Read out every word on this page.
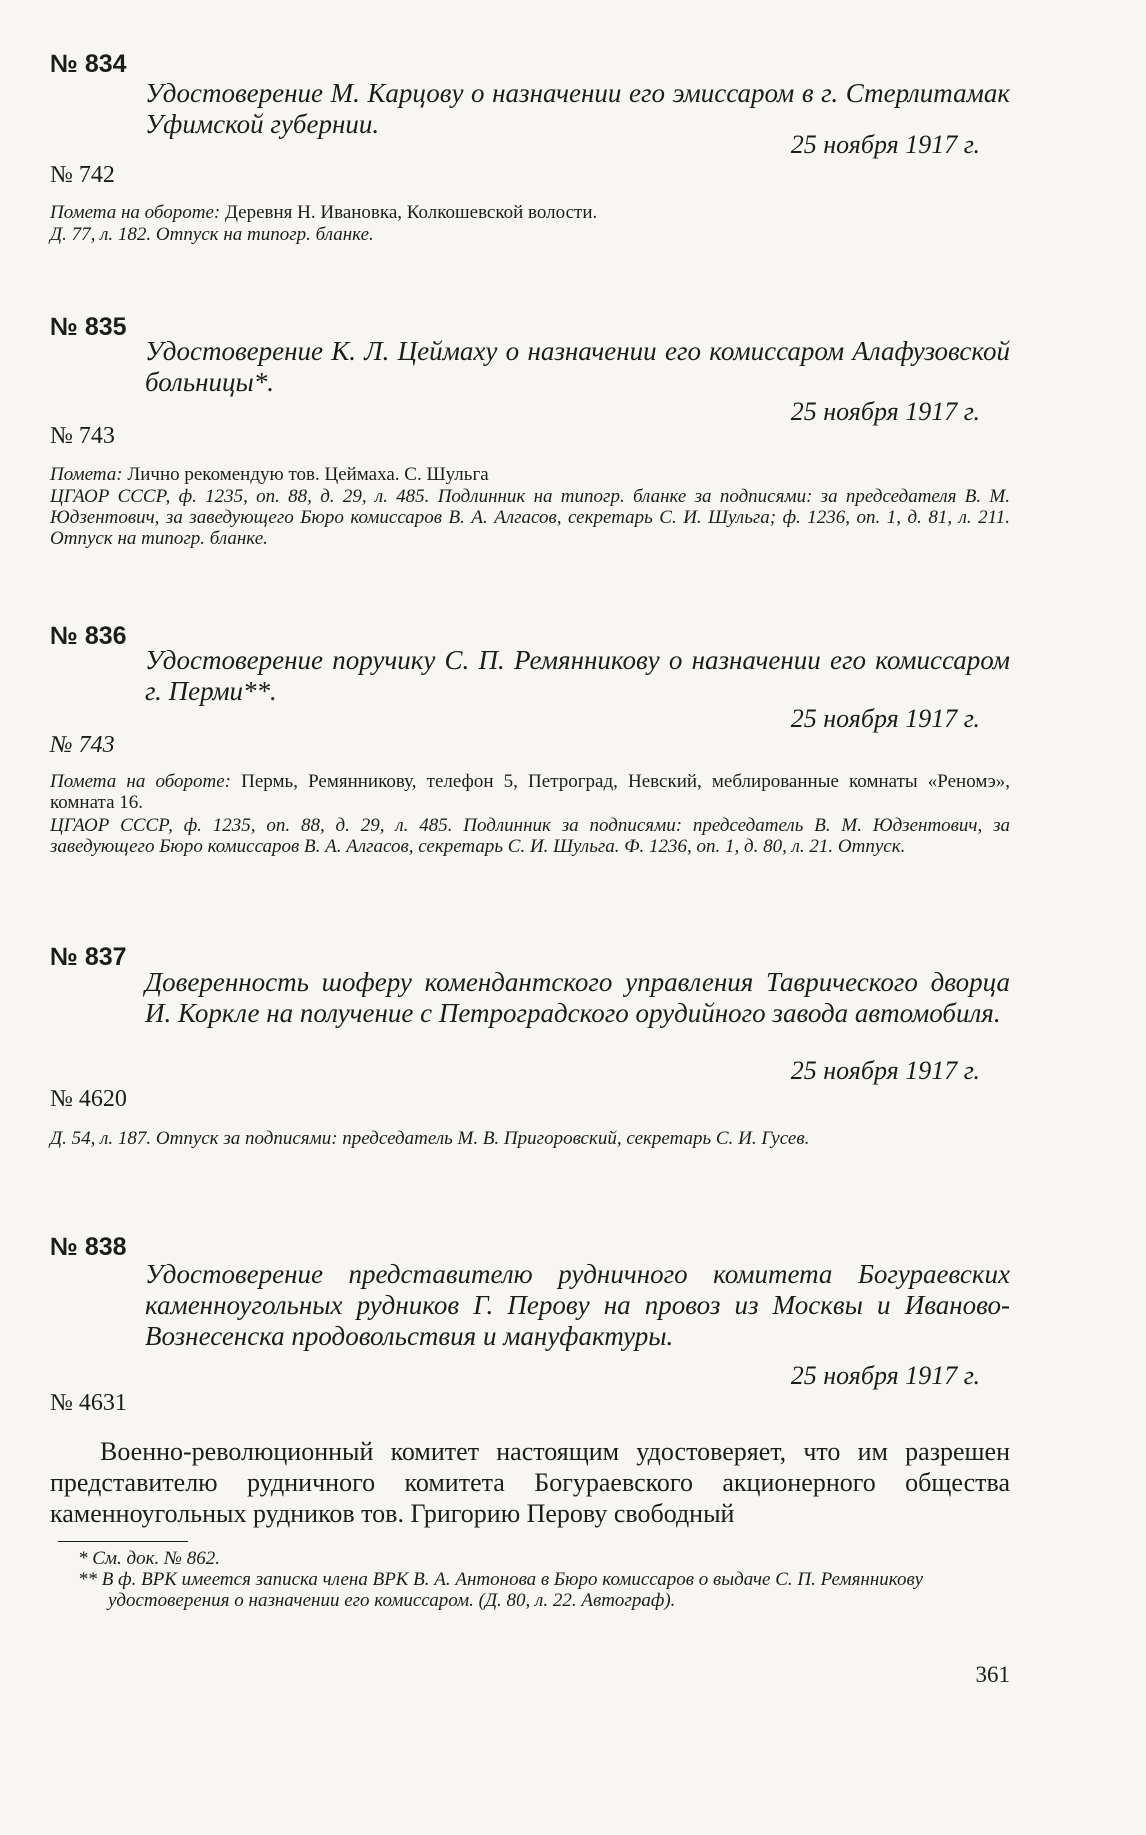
№ 834
Удостоверение М. Карцову о назначении его эмиссаром в г. Стерлитамак Уфимской губернии.
25 ноября 1917 г.
№ 742
Помета на обороте: Деревня Н. Ивановка, Колкошевской волости.
Д. 77, л. 182. Отпуск на типогр. бланке.
№ 835
Удостоверение К. Л. Цеймаху о назначении его комиссаром Алафузовской больницы*.
25 ноября 1917 г.
№ 743
Помета: Лично рекомендую тов. Цеймаха. С. Шульга
ЦГАОР СССР, ф. 1235, оп. 88, д. 29, л. 485. Подлинник на типогр. бланке за подписями: за председателя В. М. Юдзентович, за заведующего Бюро комиссаров В. А. Алгасов, секретарь С. И. Шульга; ф. 1236, оп. 1, д. 81, л. 211. Отпуск на типогр. бланке.
№ 836
Удостоверение поручику С. П. Ремянникову о назначении его комиссаром г. Перми**.
25 ноября 1917 г.
№ 743
Помета на обороте: Пермь, Ремянникову, телефон 5, Петроград, Невский, меблированные комнаты «Реномэ», комната 16.
ЦГАОР СССР, ф. 1235, оп. 88, д. 29, л. 485. Подлинник за подписями: председатель В. М. Юдзентович, за заведующего Бюро комиссаров В. А. Алгасов, секретарь С. И. Шульга. Ф. 1236, оп. 1, д. 80, л. 21. Отпуск.
№ 837
Доверенность шоферу комендантского управления Таврического дворца И. Коркле на получение с Петроградского орудийного завода автомобиля.
25 ноября 1917 г.
№ 4620
Д. 54, л. 187. Отпуск за подписями: председатель М. В. Пригоровский, секретарь С. И. Гусев.
№ 838
Удостоверение представителю рудничного комитета Богураевских каменноугольных рудников Г. Перову на провоз из Москвы и Иваново-Вознесенска продовольствия и мануфактуры.
25 ноября 1917 г.
№ 4631
Военно-революционный комитет настоящим удостоверяет, что им разрешен представителю рудничного комитета Богураевского акционерного общества каменноугольных рудников тов. Григорию Перову свободный
* См. док. № 862.
** В ф. ВРК имеется записка члена ВРК В. А. Антонова в Бюро комиссаров о выдаче С. П. Ремянникову удостоверения о назначении его комиссаром. (Д. 80, л. 22. Автограф).
361
